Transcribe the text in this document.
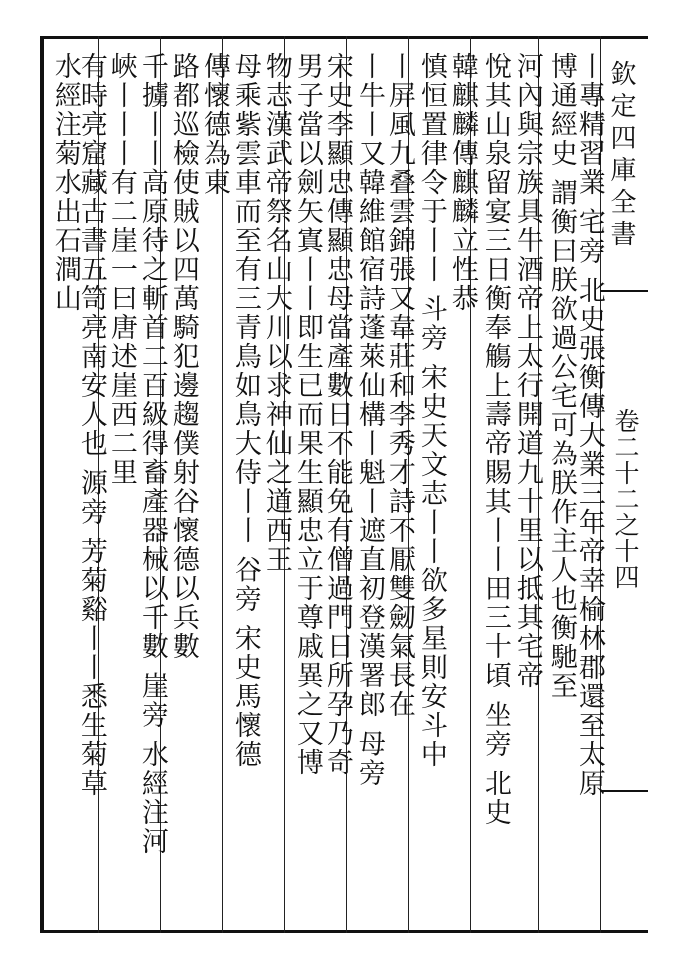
丨專精習業 宅旁 北史張衡傳大業三年帝幸榆林郡還至太原
博通經史 謂衡曰朕欲過公宅可為朕作主人也衡馳至
河內與宗族具牛酒帝上太行開道九十里以抵其宅帝
悅其山泉留宴三日衡奉觴上壽帝賜其丨丨田三十頃 坐旁 北史
韓麒麟傳麒麟立性恭
慎恒置律令于丨丨 斗旁 宋史天文志丨丨欲多星則安斗中
丨屏風九叠雲錦張又韋莊和李秀才詩不厭雙劒氣長在
丨牛丨又韓維館宿詩蓬萊仙構丨魁丨遮直初登漢署郎 母旁
宋史李顯忠傳顯忠母當產數日不能免有僧過門日所孕乃奇
男子當以劍矢寘丨丨即生已而果生顯忠立于尊戚異之又博
物志漢武帝祭名山大川以求神仙之道西王
母乘紫雲車而至有三青鳥如鳥大侍丨丨 谷旁 宋史馬懷德
傳懷德為東
路都巡檢使賊以四萬騎犯邊趨僕射谷懷德以兵數
千擄丨丨高原待之斬首二百級得畜產器械以千數 崖旁 水經注河
峽丨丨丨有二崖一曰唐述崖西二里
有時亮窟藏古書五笥亮南安人也 源旁 芳菊谿丨丨悉生菊草
水經注菊水出石澗山	欽定四庫全書
卷二十二之十四
